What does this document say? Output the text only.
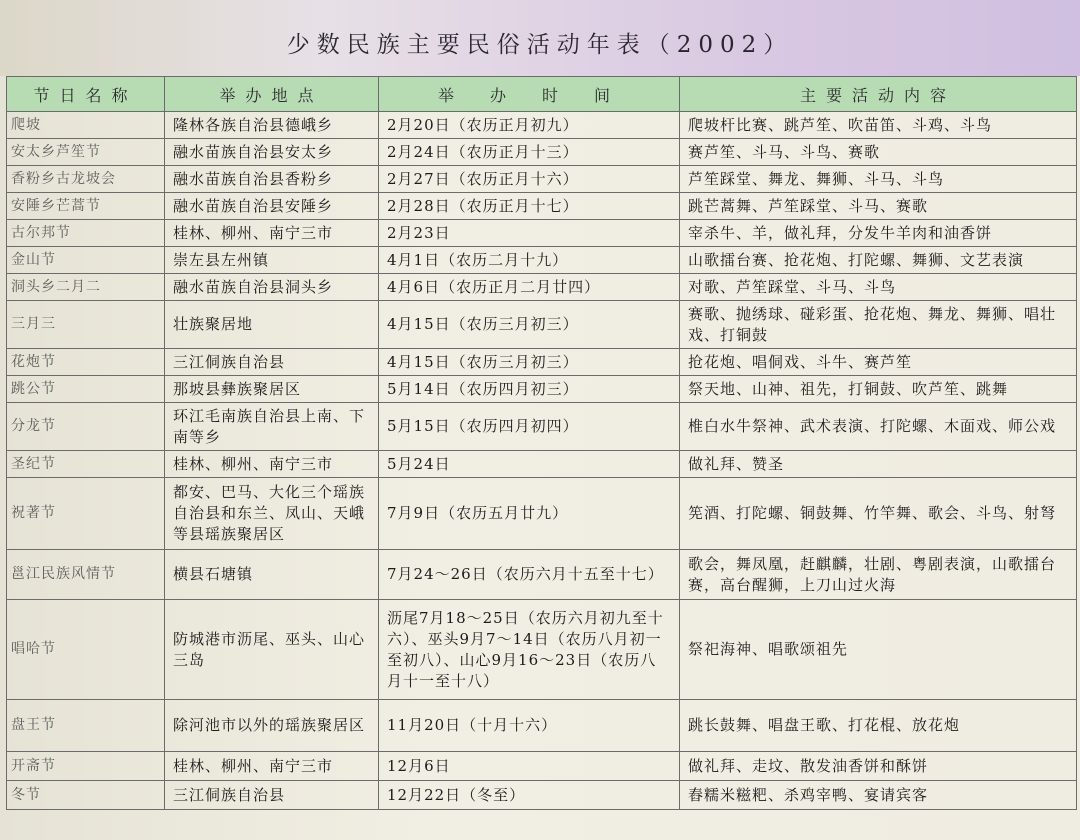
少数民族主要民俗活动年表（2002）
节日名称	举办地点	举　办　时　间	主要活动内容
爬坡	隆林各族自治县德峨乡	2月20日（农历正月初九）	爬坡杆比赛、跳芦笙、吹苗笛、斗鸡、斗鸟
安太乡芦笙节	融水苗族自治县安太乡	2月24日（农历正月十三）	赛芦笙、斗马、斗鸟、赛歌
香粉乡古龙坡会	融水苗族自治县香粉乡	2月27日（农历正月十六）	芦笙踩堂、舞龙、舞狮、斗马、斗鸟
安陲乡芒蒿节	融水苗族自治县安陲乡	2月28日（农历正月十七）	跳芒蒿舞、芦笙踩堂、斗马、赛歌
古尔邦节	桂林、柳州、南宁三市	2月23日	宰杀牛、羊，做礼拜，分发牛羊肉和油香饼
金山节	崇左县左州镇	4月1日（农历二月十九）	山歌擂台赛、抢花炮、打陀螺、舞狮、文艺表演
洞头乡二月二	融水苗族自治县洞头乡	4月6日（农历正月二月廿四）	对歌、芦笙踩堂、斗马、斗鸟
三月三	壮族聚居地	4月15日（农历三月初三）	赛歌、抛绣球、碰彩蛋、抢花炮、舞龙、舞狮、唱壮戏、打铜鼓
花炮节	三江侗族自治县	4月15日（农历三月初三）	抢花炮、唱侗戏、斗牛、赛芦笙
跳公节	那坡县彝族聚居区	5月14日（农历四月初三）	祭天地、山神、祖先，打铜鼓、吹芦笙、跳舞
分龙节	环江毛南族自治县上南、下南等乡	5月15日（农历四月初四）	椎白水牛祭神、武术表演、打陀螺、木面戏、师公戏
圣纪节	桂林、柳州、南宁三市	5月24日	做礼拜、赞圣
祝著节	都安、巴马、大化三个瑶族自治县和东兰、凤山、天峨等县瑶族聚居区	7月9日（农历五月廿九）	筅酒、打陀螺、铜鼓舞、竹竿舞、歌会、斗鸟、射弩
邕江民族风情节	横县石塘镇	7月24～26日（农历六月十五至十七）	歌会，舞凤凰，赶麒麟，壮剧、粤剧表演，山歌擂台赛，高台醒狮，上刀山过火海
唱哈节	防城港市沥尾、巫头、山心三岛	沥尾7月18～25日（农历六月初九至十六）、巫头9月7～14日（农历八月初一至初八）、山心9月16～23日（农历八月十一至十八）	祭祀海神、唱歌颂祖先
盘王节	除河池市以外的瑶族聚居区	11月20日（十月十六）	跳长鼓舞、唱盘王歌、打花棍、放花炮
开斋节	桂林、柳州、南宁三市	12月6日	做礼拜、走坟、散发油香饼和酥饼
冬节	三江侗族自治县	12月22日（冬至）	舂糯米糍粑、杀鸡宰鸭、宴请宾客
